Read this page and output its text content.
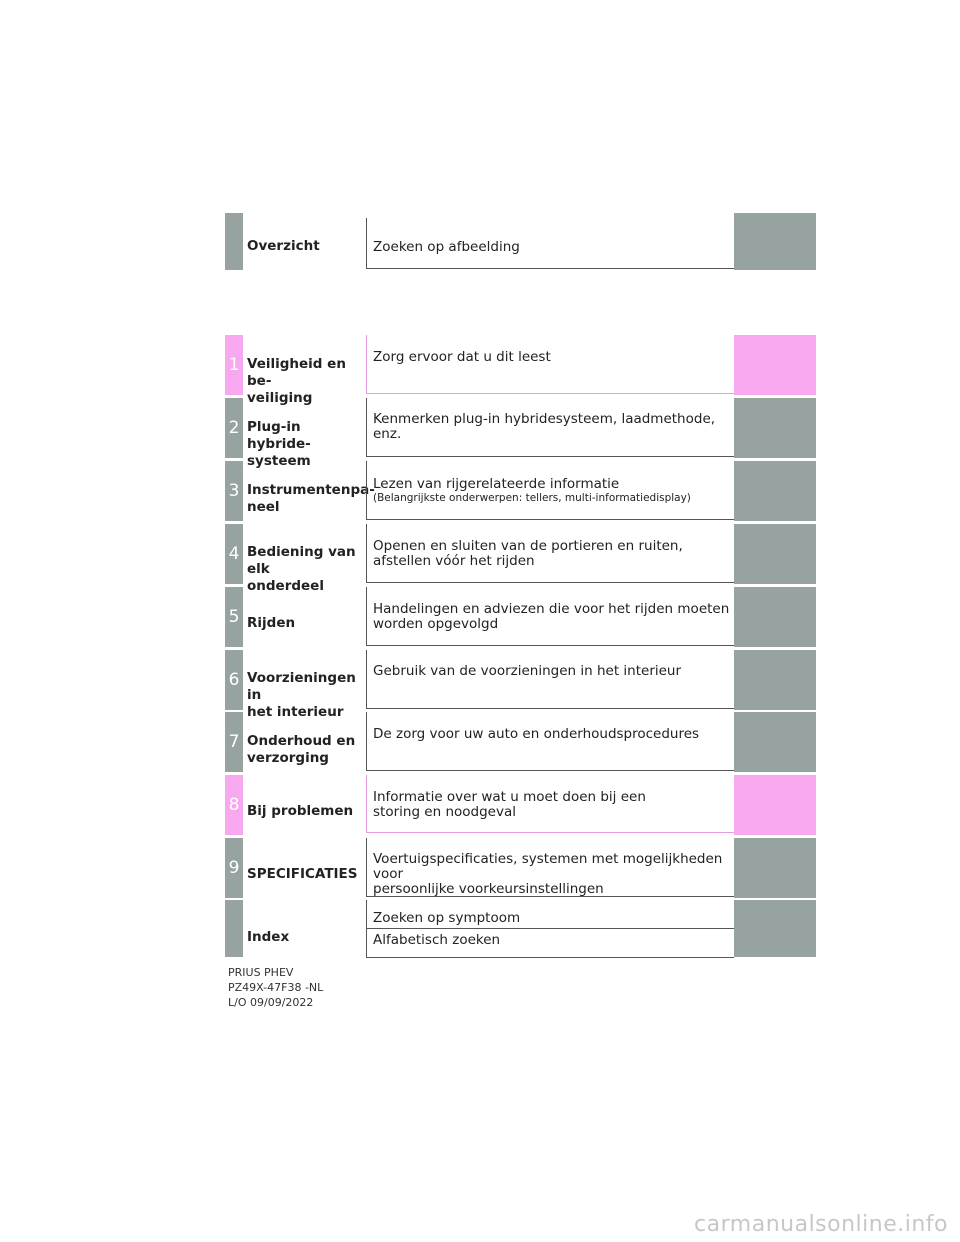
Overzicht	Zoeken op afbeelding
1 Veiligheid en be-
veiliging
Zorg ervoor dat u dit leest
2 Plug-in hybride-
systeem
Kenmerken plug-in hybridesysteem, laadmethode, enz.
3 Instrumentenpa-
neel
Lezen van rijgerelateerde informatie
(Belangrijkste onderwerpen: tellers, multi-informatiedisplay)
4 Bediening van elk
onderdeel
Openen en sluiten van de portieren en ruiten,
afstellen vóór het rijden
5 Rijden
Handelingen en adviezen die voor het rijden moeten
worden opgevolgd
6 Voorzieningen in
het interieur
Gebruik van de voorzieningen in het interieur
7 Onderhoud en
verzorging
De zorg voor uw auto en onderhoudsprocedures
8 Bij problemen
Informatie over wat u moet doen bij een
storing en noodgeval
9 SPECIFICATIES
Voertuigspecificaties, systemen met mogelijkheden voor
persoonlijke voorkeursinstellingen
Index
Zoeken op symptoom
Alfabetisch zoeken
PRIUS PHEV
PZ49X-47F38 -NL
L/O 09/09/2022
carmanualsonline.info
